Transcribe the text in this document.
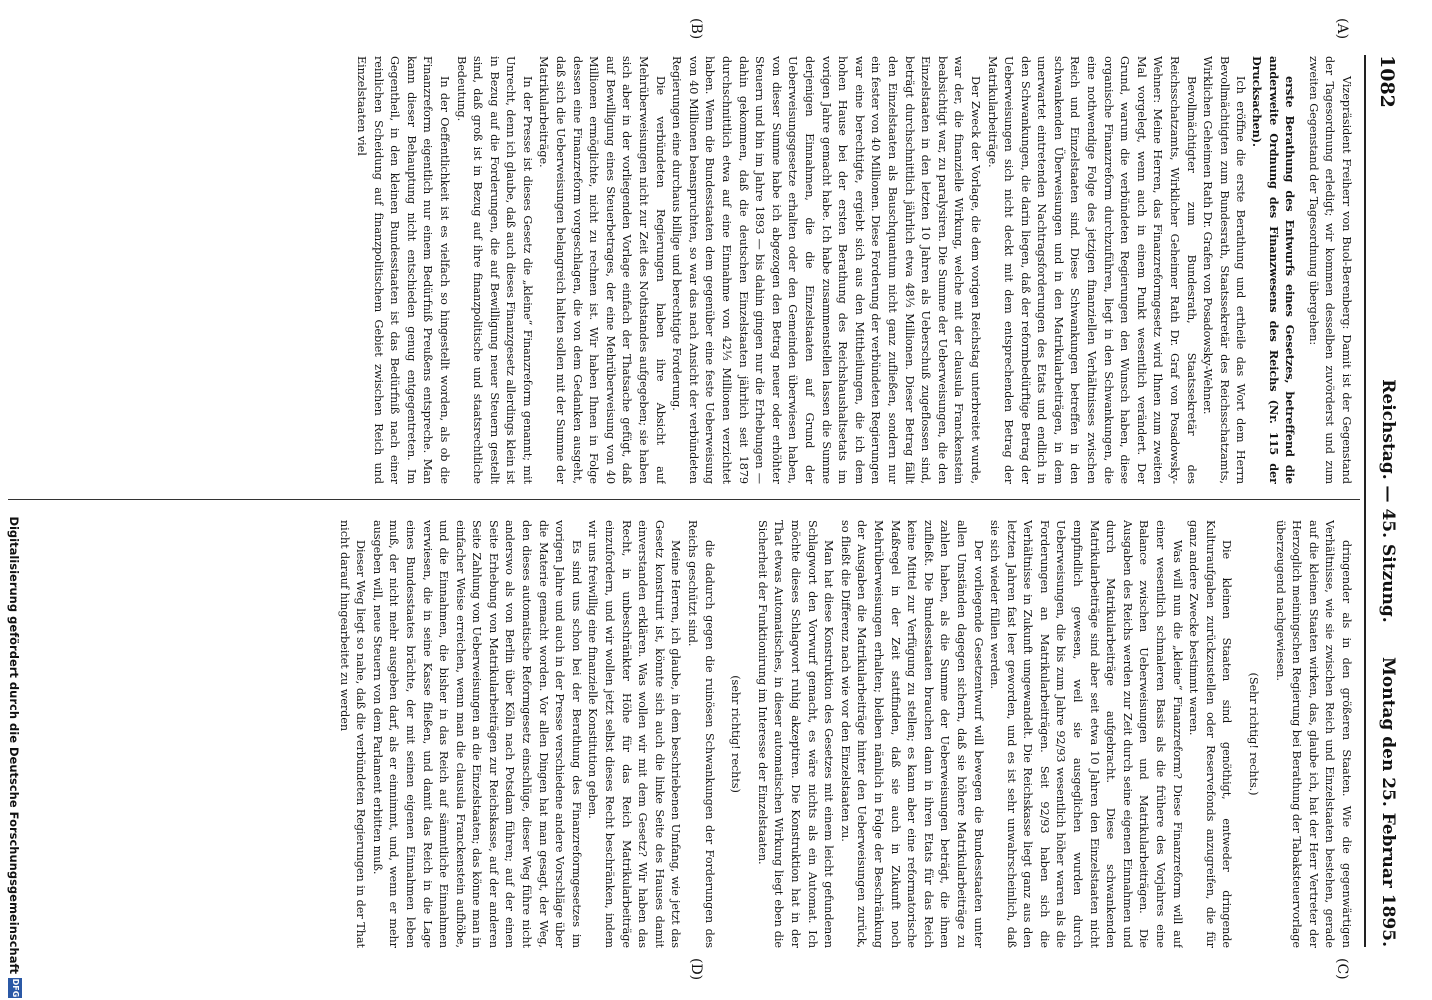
1082
Reichstag. — 45. Sitzung.
Montag den 25. Februar 1895.
(A)
(B)
(C)
(D)

Vizepräsident Freiherr von Buol-Berenberg: Damit ist der Gegenstand der Tagesordnung erledigt; wir kommen desselben zuvörderst und zum zweiten Gegenstand der Tagesordnung übergehen:

erste Berathung des Entwurfs eines Gesetzes, betreffend die anderweite Ordnung des Finanzwesens des Reichs (Nr. 115 der Drucksachen).

Ich eröffne die erste Berathung und ertheile das Wort dem Herrn Bevollmächtigten zum Bundesrath, Staatssekretär des Reichsschatzamts, Wirklichen Geheimen Rath Dr. Grafen von Posadowsky-Wehner.

Bevollmächtigter zum Bundesrath, Staatssekretär des Reichsschatzamts, Wirklicher Geheimer Rath Dr. Graf von Posadowsky-Wehner: Meine Herren, das Finanzreformgesetz wird Ihnen zum zweiten Mal vorgelegt, wenn auch in einem Punkt wesentlich verändert. Der Grund, warum die verbündeten Regierungen den Wunsch haben, diese organische Finanzreform durchzuführen, liegt in den Schwankungen, die eine nothwendige Folge des jetzigen finanziellen Verhältnisses zwischen Reich und Einzelstaaten sind. Diese Schwankungen betreffen in den schwankenden Überweisungen und in den Matrikularbeiträgen, in dem unerwartet eintretenden Nachtragsforderungen des Etats und endlich in den Schwankungen, die darin liegen, daß der reformbedürftige Betrag der Ueberweisungen sich nicht deckt mit dem entsprechenden Betrag der Matrikularbeiträge.

Der Zweck der Vorlage, die dem vorigen Reichstag unterbreitet wurde, war der, die finanzielle Wirkung, welche mit der clausula Franckenstein beabsichtigt war, zu paralysiren. Die Summe der Ueberweisungen, die den Einzelstaaten in den letzten 10 Jahren als Ueberschuß zugeflossen sind, beträgt durchschnittlich jährlich etwa 48⅓ Millionen. Dieser Betrag fällt den Einzelstaaten als Bauschquantum nicht ganz zufließen, sondern nur ein fester von 40 Millionen. Diese Forderung der verbündeten Regierungen war eine berechtigte, ergiebt sich aus den Mittheilungen, die ich dem hohen Hause bei der ersten Berathung des Reichshaushaltsetats im vorigen Jahre gemacht habe. Ich habe zusammenstellen lassen die Summe derjenigen Einnahmen, die die Einzelstaaten auf Grund der Ueberweisungsgesetze erhalten oder den Gemeinden überwiesen haben, von dieser Summe habe ich abgezogen den Betrag neuer oder erhöhter Steuern und bin im Jahre 1893 — bis dahin gingen nur die Erhebungen — dahin gekommen, daß die deutschen Einzelstaaten jährlich seit 1879 durchschnittlich etwa auf eine Einnahme von 42⅓ Millionen verzichtet haben. Wenn die Bundesstaaten dem gegenüber eine feste Ueberweisung von 40 Millionen beanspruchten, so war das nach Ansicht der verbündeten Regierungen eine durchaus billige und berechtigte Forderung.

Die verbündeten Regierungen haben ihre Absicht auf Mehrüberweisungen nicht zur Zeit des Nothstandes aufgegeben; sie haben sich aber in der vorliegenden Vorlage einfach der Thatsache gefügt, daß auf Bewilligung eines Steuerbetrages, der eine Mehrüberweisung von 40 Millionen ermöglichte, nicht zu rechnen ist. Wir haben Ihnen in Folge dessen eine Finanzreform vorgeschlagen, die von dem Gedanken ausgeht, daß sich die Ueberweisungen belangreich halten sollen mit der Summe der Matrikularbeiträge.

In der Presse ist dieses Gesetz die „kleine“ Finanzreform genannt; mit Unrecht, denn ich glaube, daß auch dieses Finanzgesetz allerdings klein ist in Bezug auf die Forderungen, die auf Bewilligung neuer Steuern gestellt sind, daß groß ist in Bezug auf ihre finanzpolitische und staatsrechtliche Bedeutung.

In der Oeffentlichkeit ist es vielfach so hingestellt worden, als ob die Finanzreform eigentlich nur einem Bedürfniß Preußens entspreche. Man kann dieser Behauptung nicht entschieden genug entgegentreten. Im Gegentheil, in den kleinen Bundesstaaten ist das Bedürfniß nach einer reinlichen Scheidung auf finanzpolitischem Gebiet zwischen Reich und Einzelstaaten viel

dringender als in den größeren Staaten. Wie die gegenwärtigen Verhältnisse, wie sie zwischen Reich und Einzelstaaten bestehen, gerade auf die kleinen Staaten wirken, das, glaube ich, hat der Herr Vertreter der Herzoglich meiningschen Regierung bei Berathung der Tabaksteuervorlage überzeugend nachgewiesen.

(Sehr richtig! rechts.)

Die kleinen Staaten sind genöthigt, entweder dringende Kulturaufgaben zurückzustellen oder Reservefonds anzugreifen, die für ganz andere Zwecke bestimmt waren.

Was will nun die „kleine“ Finanzreform? Diese Finanzreform will auf einer wesentlich schmaleren Basis als die frühere des Vorjahres eine Balance zwischen Ueberweisungen und Matrikularbeiträgen. Die Ausgaben des Reichs werden zur Zeit durch seine eigenen Einnahmen und durch Matrikularbeiträge aufgebracht. Diese schwankenden Matrikularbeiträge sind aber seit etwa 10 Jahren den Einzelstaaten nicht empfindlich gewesen, weil sie ausgeglichen wurden durch Ueberweisungen, die bis zum Jahre 92/93 wesentlich höher waren als die Forderungen an Matrikularbeiträgen. Seit 92/93 haben sich die Verhältnisse in Zukunft umgewandelt. Die Reichskasse liegt ganz aus den letzten Jahren fast leer geworden, und es ist sehr unwahrscheinlich, daß sie sich wieder füllen werden.

Der vorliegende Gesetzentwurf will bewegen die Bundesstaaten unter allen Umständen dagegen sichern, daß sie höhere Matrikularbeiträge zu zahlen haben, als die Summe der Ueberweisungen beträgt, die ihnen zufließt. Die Bundesstaaten brauchen dann in ihren Etats für das Reich keine Mittel zur Verfügung zu stellen; es kann aber eine reformatorische Maßregel in der Zeit stattfinden, daß sie auch in Zukunft noch Mehrüberweisungen erhalten; bleiben nämlich in Folge der Beschränkung der Ausgaben die Matrikularbeiträge hinter den Ueberweisungen zurück, so fließt die Differenz nach wie vor den Einzelstaaten zu.

Man hat diese Konstruktion des Gesetzes mit einem leicht gefundenen Schlagwort den Vorwurf gemacht, es wäre nichts als ein Automat. Ich möchte dieses Schlagwort ruhig akzeptiren. Die Konstruktion hat in der That etwas Automatisches, in dieser automatischen Wirkung liegt eben die Sicherheit der Funktionirung im Interesse der Einzelstaaten.

(sehr richtig! rechts)

die dadurch gegen die ruinösen Schwankungen der Forderungen des Reichs geschützt sind.

Meine Herren, ich glaube, in dem beschriebenen Umfang, wie jetzt das Gesetz konstruirt ist, könnte sich auch die linke Seite des Hauses damit einverstanden erklären. Was wollen wir mit dem Gesetz? Wir haben das Recht, in unbeschränkter Höhe für das Reich Matrikularbeiträge einzufordern, und wir wollen jetzt selbst dieses Recht beschränken, indem wir uns freiwillig eine finanzielle Konstitution geben.

Es sind uns schon bei der Berathung des Finanzreformgesetzes im vorigen Jahre und auch in der Presse verschiedene andere Vorschläge über die Materie gemacht worden. Vor allen Dingen hat man gesagt, der Weg, den dieses automatische Reformgesetz einschlüge, dieser Weg führe nicht anderswo als von Berlin über Köln nach Potsdam führen; auf der einen Seite Erhebung von Matrikularbeiträgen zur Reichskasse, auf der anderen Seite Zahlung von Ueberweisungen an die Einzelstaaten; das könne man in einfacher Weise erreichen, wenn man die clausula Franckenstein aufhöbe, und die Einnahmen, die bisher in das Reich auf sämmtliche Einnahmen verwiesen, die in seine Kasse fließen, und damit das Reich in die Lage eines Bundesstaates brächte, der mit seinen eigenen Einnahmen leben muß, der nicht mehr ausgeben darf, als er einnimmt, und, wenn er mehr ausgeben will, neue Steuern von dem Parlament erbitten muß.

Dieser Weg liegt so nahe, daß die verbündeten Regierungen in der That nicht darauf hingearbeitet zu werden

Digitalisierung gefördert durch die Deutsche Forschungsgemeinschaft
DFG
